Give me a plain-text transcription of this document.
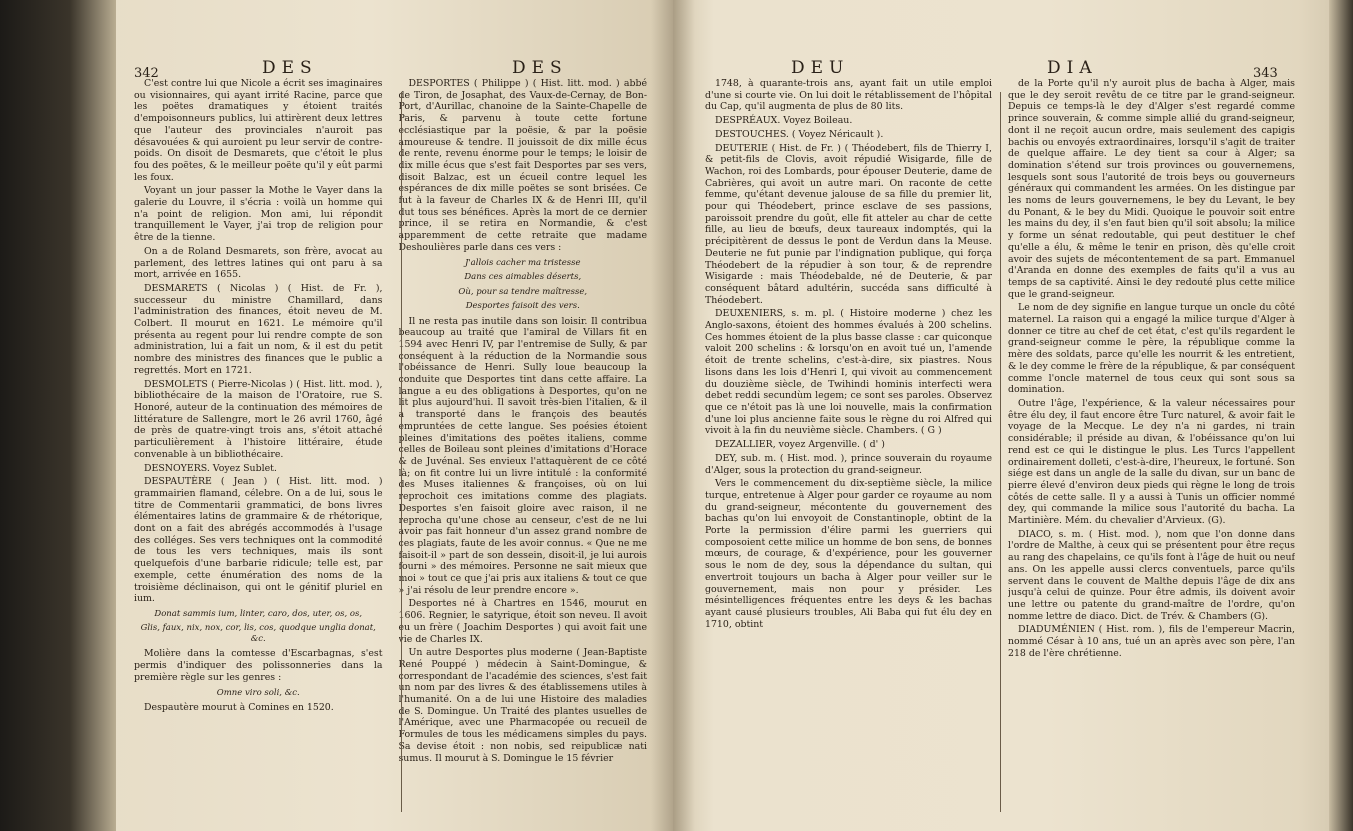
342	DES	DES

C'est contre lui que Nicole a écrit ses imaginaires ou visionnaires, qui ayant irrité Racine, parce que les poëtes dramatiques y étoient traités d'empoisonneurs publics, lui attirèrent deux lettres que l'auteur des provinciales n'auroit pas désavouées & qui auroient pu leur servir de contre-poids. On disoit de Desmarets, que c'étoit le plus fou des poëtes, & le meilleur poëte qu'il y eût parmi les foux.

Voyant un jour passer la Mothe le Vayer dans la galerie du Louvre, il s'écria : voilà un homme qui n'a point de religion. Mon ami, lui répondit tranquillement le Vayer, j'ai trop de religion pour être de la tienne.

On a de Roland Desmarets, son frère, avocat au parlement, des lettres latines qui ont paru à sa mort, arrivée en 1655.

DESMARETS ( Nicolas ) ( Hist. de Fr. ), successeur du ministre Chamillard, dans l'administration des finances, étoit neveu de M. Colbert. Il mourut en 1621. Le mémoire qu'il présenta au regent pour lui rendre compte de son administration, lui a fait un nom, & il est du petit nombre des ministres des finances que le public a regrettés. Mort en 1721.

DESMOLETS ( Pierre-Nicolas ) ( Hist. litt. mod. ), bibliothécaire de la maison de l'Oratoire, rue S. Honoré, auteur de la continuation des mémoires de littérature de Sallengre, mort le 26 avril 1760, âgé de près de quatre-vingt trois ans, s'étoit attaché particulièrement à l'histoire littéraire, étude convenable à un bibliothécaire.

DESNOYERS. Voyez Sublet.

DESPAUTÈRE ( Jean ) ( Hist. litt. mod. ) grammairien flamand, célebre. On a de lui, sous le titre de Commentarii grammatici, de bons livres élémentaires latins de grammaire & de rhétorique, dont on a fait des abrégés accommodés à l'usage des colléges. Ses vers techniques ont la commodité de tous les vers techniques, mais ils sont quelquefois d'une barbarie ridicule; telle est, par exemple, cette énumération des noms de la troisième déclinaison, qui ont le génitif pluriel en ium.

Donat sammis ium, linter, caro, dos, uter, os, os,

Glis, faux, nix, nox, cor, lis, cos, quodque unglia donat, &c.

Molière dans la comtesse d'Escarbagnas, s'est permis d'indiquer des polissonneries dans la première règle sur les genres :

Omne viro soli, &c.

Despautère mourut à Comines en 1520.

DESPORTES ( Philippe ) ( Hist. litt. mod. ) abbé de Tiron, de Josaphat, des Vaux-de-Cernay, de Bon-Port, d'Aurillac, chanoine de la Sainte-Chapelle de Paris, & parvenu à toute cette fortune ecclésiastique par la poësie, & par la poësie amoureuse & tendre. Il jouissoit de dix mille écus de rente, revenu énorme pour le temps; le loisir de dix mille écus que s'est fait Desportes par ses vers, disoit Balzac, est un écueil contre lequel les espérances de dix mille poëtes se sont brisées. Ce fut à la faveur de Charles IX & de Henri III, qu'il dut tous ses bénéfices. Après la mort de ce dernier prince, il se retira en Normandie, & c'est apparemment de cette retraite que madame Deshoulières parle dans ces vers :

J'allois cacher ma tristesse

Dans ces aimables déserts,

Où, pour sa tendre maîtresse,

Desportes faisoit des vers.

Il ne resta pas inutile dans son loisir. Il contribua beaucoup au traité que l'amiral de Villars fit en 1594 avec Henri IV, par l'entremise de Sully, & par conséquent à la réduction de la Normandie sous l'obéissance de Henri. Sully loue beaucoup la conduite que Desportes tint dans cette affaire. La langue a eu des obligations à Desportes, qu'on ne lit plus aujourd'hui. Il savoit très-bien l'italien, & il a transporté dans le françois des beautés empruntées de cette langue. Ses poésies étoient pleines d'imitations des poëtes italiens, comme celles de Boileau sont pleines d'imitations d'Horace & de Juvénal. Ses envieux l'attaquèrent de ce côté là; on fit contre lui un livre intitulé : la conformité des Muses italiennes & françoises, où on lui reprochoit ces imitations comme des plagiats. Desportes s'en faisoit gloire avec raison, il ne reprocha qu'une chose au censeur, c'est de ne lui avoir pas fait honneur d'un assez grand nombre de ces plagiats, faute de les avoir connus. « Que ne me faisoit-il » part de son dessein, disoit-il, je lui aurois fourni » des mémoires. Personne ne sait mieux que moi » tout ce que j'ai pris aux italiens & tout ce que » j'ai résolu de leur prendre encore ».

Desportes né à Chartres en 1546, mourut en 1606. Regnier, le satyrique, étoit son neveu. Il avoit eu un frère ( Joachim Desportes ) qui avoit fait une vie de Charles IX.

Un autre Desportes plus moderne ( Jean-Baptiste René Pouppé ) médecin à Saint-Domingue, & correspondant de l'académie des sciences, s'est fait un nom par des livres & des établissemens utiles à l'humanité. On a de lui une Histoire des maladies de S. Domingue. Un Traité des plantes usuelles de l'Amérique, avec une Pharmacopée ou recueil de Formules de tous les médicamens simples du pays. Sa devise étoit : non nobis, sed reipublicæ nati sumus. Il mourut à S. Domingue le 15 février

DEU	DIA	343

1748, à quarante-trois ans, ayant fait un utile emploi d'une si courte vie. On lui doit le rétablissement de l'hôpital du Cap, qu'il augmenta de plus de 80 lits.

DESPRÉAUX. Voyez Boileau.

DESTOUCHES. ( Voyez Néricault ).

DEUTERIE ( Hist. de Fr. ) ( Théodebert, fils de Thierry I, & petit-fils de Clovis, avoit répudié Wisigarde, fille de Wachon, roi des Lombards, pour épouser Deuterie, dame de Cabrières, qui avoit un autre mari. On raconte de cette femme, qu'étant devenue jalouse de sa fille du premier lit, pour qui Théodebert, prince esclave de ses passions, paroissoit prendre du goût, elle fit atteler au char de cette fille, au lieu de bœufs, deux taureaux indomptés, qui la précipitèrent de dessus le pont de Verdun dans la Meuse. Deuterie ne fut punie par l'indignation publique, qui força Théodebert de la répudier à son tour, & de reprendre Wisigarde : mais Théodebalde, né de Deuterie, & par conséquent bâtard adultérin, succéda sans difficulté à Théodebert.

DEUXENIERS, s. m. pl. ( Histoire moderne ) chez les Anglo-saxons, étoient des hommes évalués à 200 schelins. Ces hommes étoient de la plus basse classe : car quiconque valoit 200 schelins : & lorsqu'on en avoit tué un, l'amende étoit de trente schelins, c'est-à-dire, six piastres. Nous lisons dans les lois d'Henri I, qui vivoit au commencement du douzième siècle, de Twihindi hominis interfecti wera debet reddi secundùm legem; ce sont ses paroles. Observez que ce n'étoit pas là une loi nouvelle, mais la confirmation d'une loi plus ancienne faite sous le règne du roi Alfred qui vivoit à la fin du neuvième siècle. Chambers. ( G )

DEZALLIER, voyez Argenville. ( d' )

DEY, sub. m. ( Hist. mod. ), prince souverain du royaume d'Alger, sous la protection du grand-seigneur.

Vers le commencement du dix-septième siècle, la milice turque, entretenue à Alger pour garder ce royaume au nom du grand-seigneur, mécontente du gouvernement des bachas qu'on lui envoyoit de Constantinople, obtint de la Porte la permission d'élire parmi les guerriers qui composoient cette milice un homme de bon sens, de bonnes mœurs, de courage, & d'expérience, pour les gouverner sous le nom de dey, sous la dépendance du sultan, qui envertroit toujours un bacha à Alger pour veiller sur le gouvernement, mais non pour y présider. Les mésintelligences fréquentes entre les deys & les bachas ayant causé plusieurs troubles, Ali Baba qui fut élu dey en 1710, obtint

de la Porte qu'il n'y auroit plus de bacha à Alger, mais que le dey seroit revêtu de ce titre par le grand-seigneur. Depuis ce temps-là le dey d'Alger s'est regardé comme prince souverain, & comme simple allié du grand-seigneur, dont il ne reçoit aucun ordre, mais seulement des capigis bachis ou envoyés extraordinaires, lorsqu'il s'agit de traiter de quelque affaire. Le dey tient sa cour à Alger; sa domination s'étend sur trois provinces ou gouvernemens, lesquels sont sous l'autorité de trois beys ou gouverneurs généraux qui commandent les armées. On les distingue par les noms de leurs gouvernemens, le bey du Levant, le bey du Ponant, & le bey du Midi. Quoique le pouvoir soit entre les mains du dey, il s'en faut bien qu'il soit absolu; la milice y forme un sénat redoutable, qui peut destituer le chef qu'elle a élu, & même le tenir en prison, dès qu'elle croit avoir des sujets de mécontentement de sa part. Emmanuel d'Aranda en donne des exemples de faits qu'il a vus au temps de sa captivité. Ainsi le dey redouté plus cette milice que le grand-seigneur.

Le nom de dey signifie en langue turque un oncle du côté maternel. La raison qui a engagé la milice turque d'Alger à donner ce titre au chef de cet état, c'est qu'ils regardent le grand-seigneur comme le père, la république comme la mère des soldats, parce qu'elle les nourrit & les entretient, & le dey comme le frère de la république, & par conséquent comme l'oncle maternel de tous ceux qui sont sous sa domination.

Outre l'âge, l'expérience, & la valeur nécessaires pour être élu dey, il faut encore être Turc naturel, & avoir fait le voyage de la Mecque. Le dey n'a ni gardes, ni train considérable; il préside au divan, & l'obéissance qu'on lui rend est ce qui le distingue le plus. Les Turcs l'appellent ordinairement dolleti, c'est-à-dire, l'heureux, le fortuné. Son siége est dans un angle de la salle du divan, sur un banc de pierre élevé d'environ deux pieds qui règne le long de trois côtés de cette salle. Il y a aussi à Tunis un officier nommé dey, qui commande la milice sous l'autorité du bacha. La Martinière. Mém. du chevalier d'Arvieux. (G).

DIACO, s. m. ( Hist. mod. ), nom que l'on donne dans l'ordre de Malthe, à ceux qui se présentent pour être reçus au rang des chapelains, ce qu'ils font à l'âge de huit ou neuf ans. On les appelle aussi clercs conventuels, parce qu'ils servent dans le couvent de Malthe depuis l'âge de dix ans jusqu'à celui de quinze. Pour être admis, ils doivent avoir une lettre ou patente du grand-maître de l'ordre, qu'on nomme lettre de diaco. Dict. de Trév. & Chambers (G).

DIADUMÉNIEN ( Hist. rom. ), fils de l'empereur Macrin, nommé César à 10 ans, tué un an après avec son père, l'an 218 de l'ère chrétienne.
